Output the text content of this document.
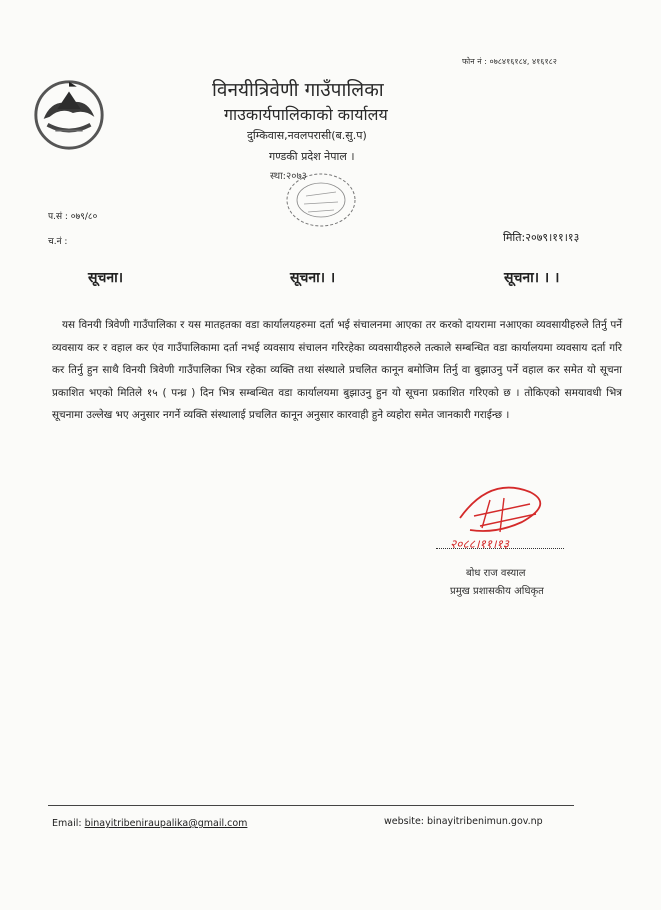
फोन नं : ०७८४१६१८४, ४१६१८२
विनयीत्रिवेणी गाउँपालिका
गाउकार्यपालिकाको कार्यालय
दुम्किवास,नवलपरासी(ब.सु.प)
गण्डकी प्रदेश नेपाल ।
स्था:२०७३
प.सं : ०७९/८०
च.नं :	मिति:२०७९।११।१३
सूचना।	सूचना। ।	सूचना। । ।
यस विनयी त्रिवेणी गाउँपालिका र यस मातहतका वडा कार्यालयहरुमा दर्ता भई संचालनमा आएका तर करको दायरामा नआएका व्यवसायीहरुले तिर्नु पर्ने व्यवसाय कर र वहाल कर एंव गाउँपालिकामा दर्ता नभई व्यवसाय संचालन गरिरहेका व्यवसायीहरुले तत्काले सम्बन्धित वडा कार्यालयमा व्यवसाय दर्ता गरि कर तिर्नु हुन साथै विनयी त्रिवेणी गाउँपालिका भित्र रहेका व्यक्ति तथा संस्थाले प्रचलित कानून बमोजिम तिर्नु वा बुझाउनु पर्ने वहाल कर समेत यो सूचना प्रकाशित भएको मितिले १५ ( पन्ध्र ) दिन भित्र सम्बन्धित वडा कार्यालयमा बुझाउनु हुन यो सूचना प्रकाशित गरिएको छ । तोकिएको समयावधी भित्र सूचनामा उल्लेख भए अनुसार नगर्ने व्यक्ति संस्थालाई प्रचलित कानून अनुसार कारवाही हुने व्यहोरा समेत जानकारी गराईन्छ ।
२०८८।११।१३
बोध राज वस्याल
प्रमुख प्रशासकीय अधिकृत
Email: binayitribeniraupalika@gmail.com	website: binayitribenimun.gov.np
